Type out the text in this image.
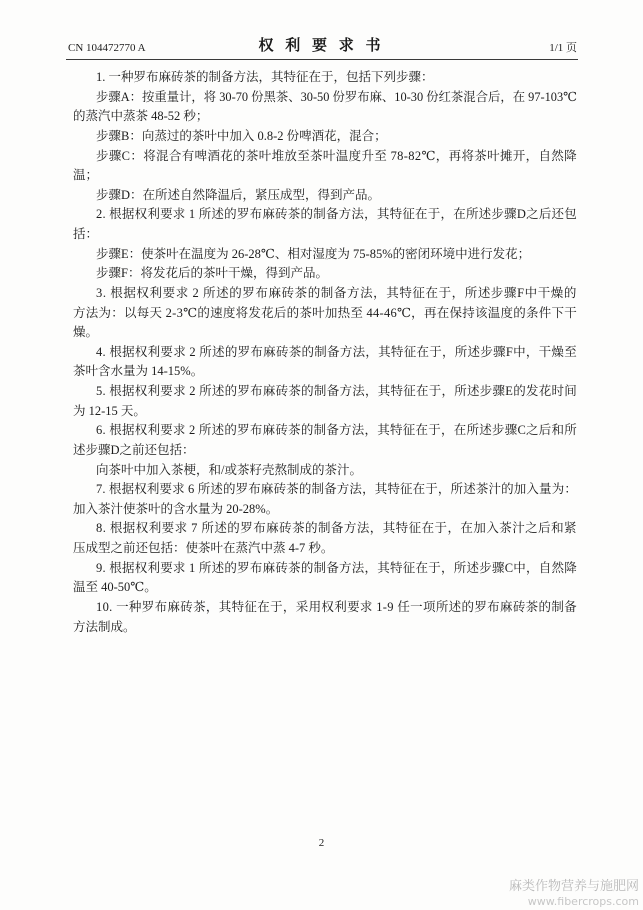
CN 104472770 A	权 利 要 求 书	1/1 页
1. 一种罗布麻砖茶的制备方法，其特征在于，包括下列步骤：
步骤A：按重量计，将 30-70 份黑茶、30-50 份罗布麻、10-30 份红茶混合后，在 97-103℃
的蒸汽中蒸茶 48-52 秒；
步骤B：向蒸过的茶叶中加入 0.8-2 份啤酒花，混合；
步骤C：将混合有啤酒花的茶叶堆放至茶叶温度升至 78-82℃，再将茶叶摊开，自然降
温；
步骤D：在所述自然降温后，紧压成型，得到产品。
2. 根据权利要求 1 所述的罗布麻砖茶的制备方法，其特征在于，在所述步骤D之后还包
括：
步骤E：使茶叶在温度为 26-28℃、相对湿度为 75-85%的密闭环境中进行发花；
步骤F：将发花后的茶叶干燥，得到产品。
3. 根据权利要求 2 所述的罗布麻砖茶的制备方法，其特征在于，所述步骤F中干燥的
方法为：以每天 2-3℃的速度将发花后的茶叶加热至 44-46℃，再在保持该温度的条件下干
燥。
4. 根据权利要求 2 所述的罗布麻砖茶的制备方法，其特征在于，所述步骤F中，干燥至
茶叶含水量为 14-15%。
5. 根据权利要求 2 所述的罗布麻砖茶的制备方法，其特征在于，所述步骤E的发花时间
为 12-15 天。
6. 根据权利要求 2 所述的罗布麻砖茶的制备方法，其特征在于，在所述步骤C之后和所
述步骤D之前还包括：
向茶叶中加入茶梗，和/或茶籽壳熬制成的茶汁。
7. 根据权利要求 6 所述的罗布麻砖茶的制备方法，其特征在于，所述茶汁的加入量为：
加入茶汁使茶叶的含水量为 20-28%。
8. 根据权利要求 7 所述的罗布麻砖茶的制备方法，其特征在于，在加入茶汁之后和紧
压成型之前还包括：使茶叶在蒸汽中蒸 4-7 秒。
9. 根据权利要求 1 所述的罗布麻砖茶的制备方法，其特征在于，所述步骤C中，自然降
温至 40-50℃。
10. 一种罗布麻砖茶，其特征在于，采用权利要求 1-9 任一项所述的罗布麻砖茶的制备
方法制成。
2
麻类作物营养与施肥网
www.fibercrops.com
